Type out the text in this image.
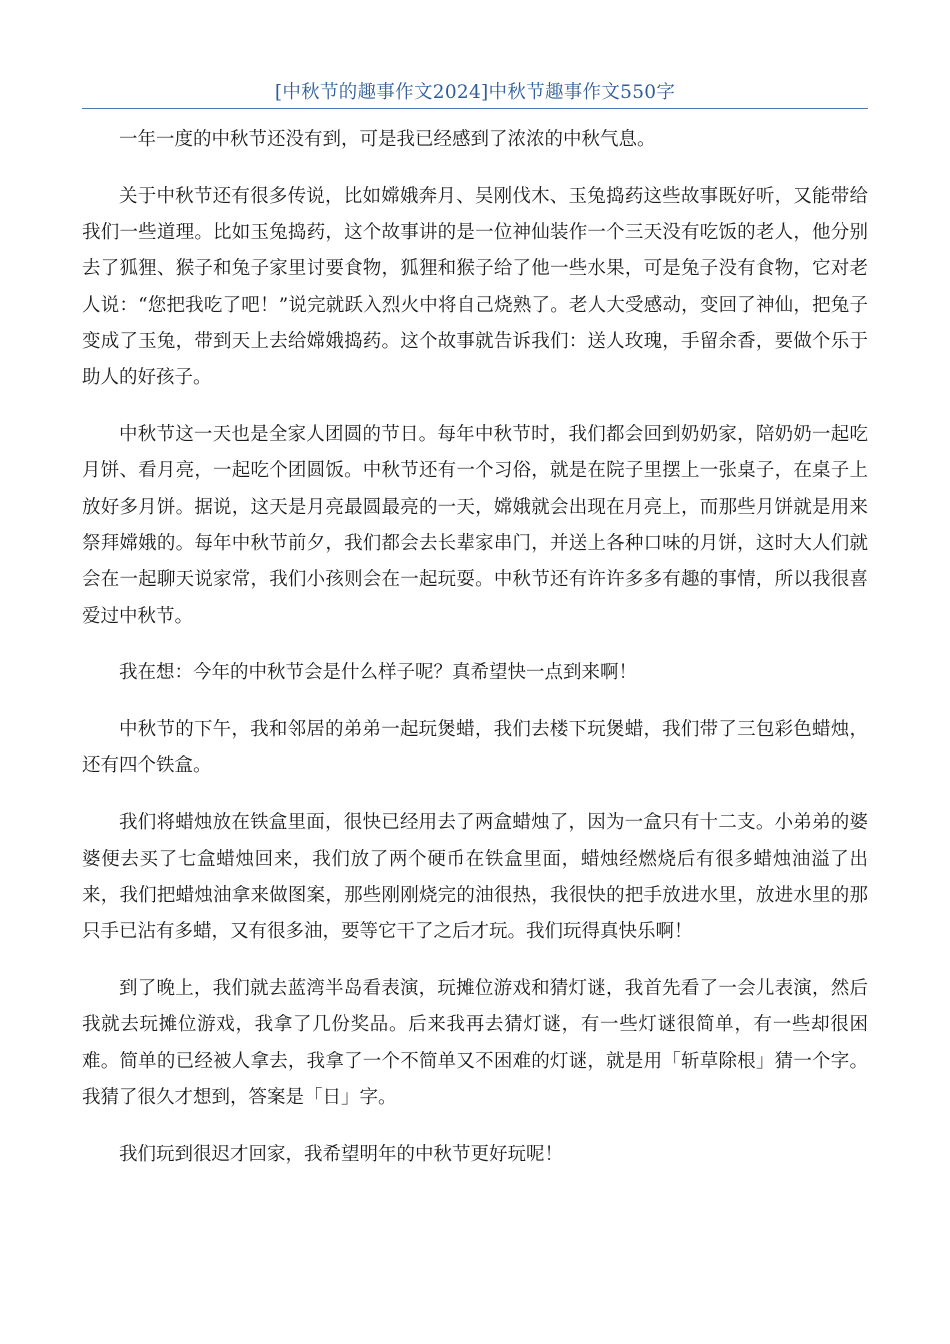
[中秋节的趣事作文2024]中秋节趣事作文550字

一年一度的中秋节还没有到，可是我已经感到了浓浓的中秋气息。

关于中秋节还有很多传说，比如嫦娥奔月、吴刚伐木、玉兔捣药这些故事既好听，又能带给我们一些道理。比如玉兔捣药，这个故事讲的是一位神仙装作一个三天没有吃饭的老人，他分别去了狐狸、猴子和兔子家里讨要食物，狐狸和猴子给了他一些水果，可是兔子没有食物，它对老人说：“您把我吃了吧！”说完就跃入烈火中将自己烧熟了。老人大受感动，变回了神仙，把兔子变成了玉兔，带到天上去给嫦娥捣药。这个故事就告诉我们：送人玫瑰，手留余香，要做个乐于助人的好孩子。

中秋节这一天也是全家人团圆的节日。每年中秋节时，我们都会回到奶奶家，陪奶奶一起吃月饼、看月亮，一起吃个团圆饭。中秋节还有一个习俗，就是在院子里摆上一张桌子，在桌子上放好多月饼。据说，这天是月亮最圆最亮的一天，嫦娥就会出现在月亮上，而那些月饼就是用来祭拜嫦娥的。每年中秋节前夕，我们都会去长辈家串门，并送上各种口味的月饼，这时大人们就会在一起聊天说家常，我们小孩则会在一起玩耍。中秋节还有许许多多有趣的事情，所以我很喜爱过中秋节。

我在想：今年的中秋节会是什么样子呢？真希望快一点到来啊！

中秋节的下午，我和邻居的弟弟一起玩煲蜡，我们去楼下玩煲蜡，我们带了三包彩色蜡烛，还有四个铁盒。

我们将蜡烛放在铁盒里面，很快已经用去了两盒蜡烛了，因为一盒只有十二支。小弟弟的婆婆便去买了七盒蜡烛回来，我们放了两个硬币在铁盒里面，蜡烛经燃烧后有很多蜡烛油溢了出来，我们把蜡烛油拿来做图案，那些刚刚烧完的油很热，我很快的把手放进水里，放进水里的那只手已沾有多蜡，又有很多油，要等它干了之后才玩。我们玩得真快乐啊！

到了晚上，我们就去蓝湾半岛看表演，玩摊位游戏和猜灯谜，我首先看了一会儿表演，然后我就去玩摊位游戏，我拿了几份奖品。后来我再去猜灯谜，有一些灯谜很简单，有一些却很困难。简单的已经被人拿去，我拿了一个不简单又不困难的灯谜，就是用「斩草除根」猜一个字。我猜了很久才想到，答案是「日」字。

我们玩到很迟才回家，我希望明年的中秋节更好玩呢！
